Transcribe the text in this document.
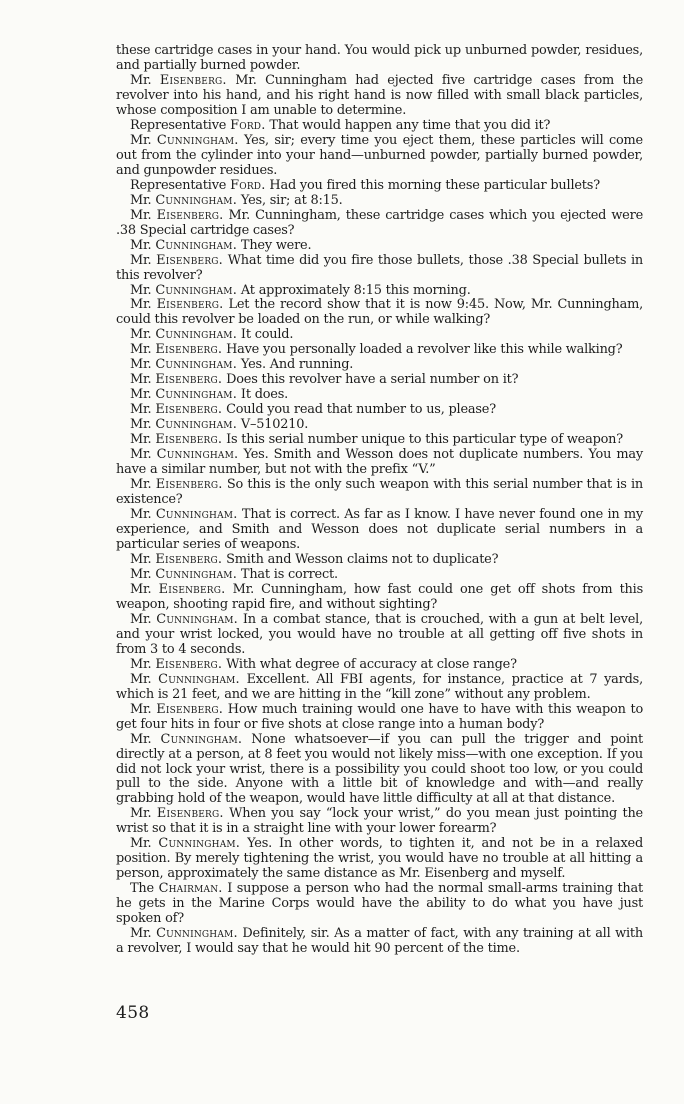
these cartridge cases in your hand. You would pick up unburned powder, residues, and partially burned powder.

Mr. Eisenberg. Mr. Cunningham had ejected five cartridge cases from the revolver into his hand, and his right hand is now filled with small black particles, whose composition I am unable to determine.

Representative Ford. That would happen any time that you did it?

Mr. Cunningham. Yes, sir; every time you eject them, these particles will come out from the cylinder into your hand—unburned powder, partially burned powder, and gunpowder residues.

Representative Ford. Had you fired this morning these particular bullets?

Mr. Cunningham. Yes, sir; at 8:15.

Mr. Eisenberg. Mr. Cunningham, these cartridge cases which you ejected were .38 Special cartridge cases?

Mr. Cunningham. They were.

Mr. Eisenberg. What time did you fire those bullets, those .38 Special bullets in this revolver?

Mr. Cunningham. At approximately 8:15 this morning.

Mr. Eisenberg. Let the record show that it is now 9:45. Now, Mr. Cunningham, could this revolver be loaded on the run, or while walking?

Mr. Cunningham. It could.

Mr. Eisenberg. Have you personally loaded a revolver like this while walking?

Mr. Cunningham. Yes. And running.

Mr. Eisenberg. Does this revolver have a serial number on it?

Mr. Cunningham. It does.

Mr. Eisenberg. Could you read that number to us, please?

Mr. Cunningham. V–510210.

Mr. Eisenberg. Is this serial number unique to this particular type of weapon?

Mr. Cunningham. Yes. Smith and Wesson does not duplicate numbers. You may have a similar number, but not with the prefix “V.”

Mr. Eisenberg. So this is the only such weapon with this serial number that is in existence?

Mr. Cunningham. That is correct. As far as I know. I have never found one in my experience, and Smith and Wesson does not duplicate serial numbers in a particular series of weapons.

Mr. Eisenberg. Smith and Wesson claims not to duplicate?

Mr. Cunningham. That is correct.

Mr. Eisenberg. Mr. Cunningham, how fast could one get off shots from this weapon, shooting rapid fire, and without sighting?

Mr. Cunningham. In a combat stance, that is crouched, with a gun at belt level, and your wrist locked, you would have no trouble at all getting off five shots in from 3 to 4 seconds.

Mr. Eisenberg. With what degree of accuracy at close range?

Mr. Cunningham. Excellent. All FBI agents, for instance, practice at 7 yards, which is 21 feet, and we are hitting in the “kill zone” without any problem.

Mr. Eisenberg. How much training would one have to have with this weapon to get four hits in four or five shots at close range into a human body?

Mr. Cunningham. None whatsoever—if you can pull the trigger and point directly at a person, at 8 feet you would not likely miss—with one exception. If you did not lock your wrist, there is a possibility you could shoot too low, or you could pull to the side. Anyone with a little bit of knowledge and with—and really grabbing hold of the weapon, would have little difficulty at all at that distance.

Mr. Eisenberg. When you say “lock your wrist,” do you mean just pointing the wrist so that it is in a straight line with your lower forearm?

Mr. Cunningham. Yes. In other words, to tighten it, and not be in a relaxed position. By merely tightening the wrist, you would have no trouble at all hitting a person, approximately the same distance as Mr. Eisenberg and myself.

The Chairman. I suppose a person who had the normal small-arms training that he gets in the Marine Corps would have the ability to do what you have just spoken of?

Mr. Cunningham. Definitely, sir. As a matter of fact, with any training at all with a revolver, I would say that he would hit 90 percent of the time.

458
